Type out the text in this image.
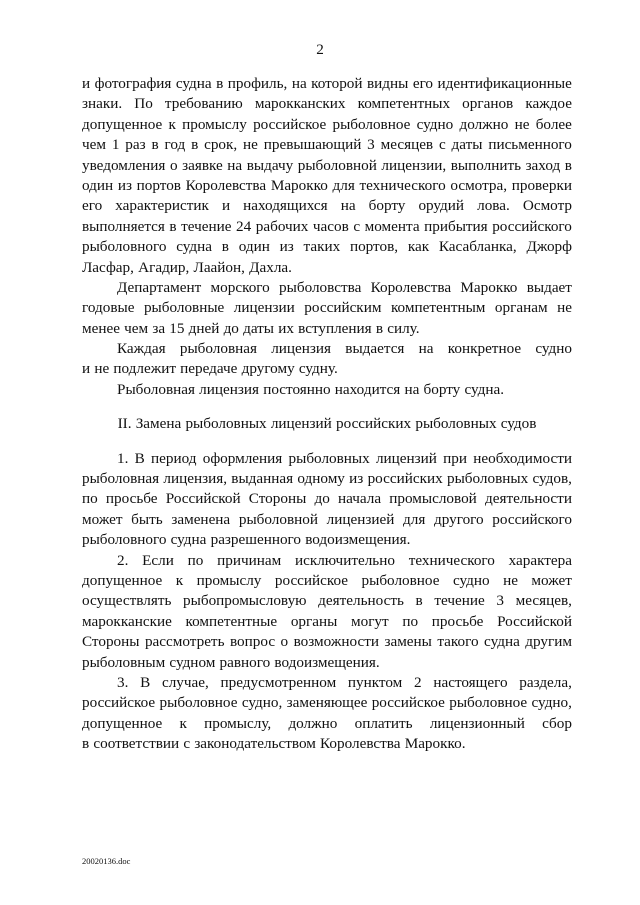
2
и фотография судна в профиль, на которой видны его идентификационные
знаки. По требованию марокканских компетентных органов каждое
допущенное к промыслу российское рыболовное судно должно не более
чем 1 раз в год в срок, не превышающий 3 месяцев с даты письменного
уведомления о заявке на выдачу рыболовной лицензии, выполнить заход в
один из портов Королевства Марокко для технического осмотра, проверки
его характеристик и находящихся на борту орудий лова. Осмотр
выполняется в течение 24 рабочих часов с момента прибытия российского
рыболовного судна в один из таких портов, как Касабланка, Джорф
Ласфар, Агадир, Лаайон, Дахла.
Департамент морского рыболовства Королевства Марокко выдает
годовые рыболовные лицензии российским компетентным органам не
менее чем за 15 дней до даты их вступления в силу.
Каждая рыболовная лицензия выдается на конкретное судно
и не подлежит передаче другому судну.
Рыболовная лицензия постоянно находится на борту судна.
II. Замена рыболовных лицензий российских рыболовных судов
1. В период оформления рыболовных лицензий при необходимости
рыболовная лицензия, выданная одному из российских рыболовных судов,
по просьбе Российской Стороны до начала промысловой деятельности
может быть заменена рыболовной лицензией для другого российского
рыболовного судна разрешенного водоизмещения.
2. Если по причинам исключительно технического характера
допущенное к промыслу российское рыболовное судно не может
осуществлять рыбопромысловую деятельность в течение 3 месяцев,
марокканские компетентные органы могут по просьбе Российской
Стороны рассмотреть вопрос о возможности замены такого судна другим
рыболовным судном равного водоизмещения.
3. В случае, предусмотренном пунктом 2 настоящего раздела,
российское рыболовное судно, заменяющее российское рыболовное судно,
допущенное к промыслу, должно оплатить лицензионный сбор
в соответствии с законодательством Королевства Марокко.
20020136.doc
